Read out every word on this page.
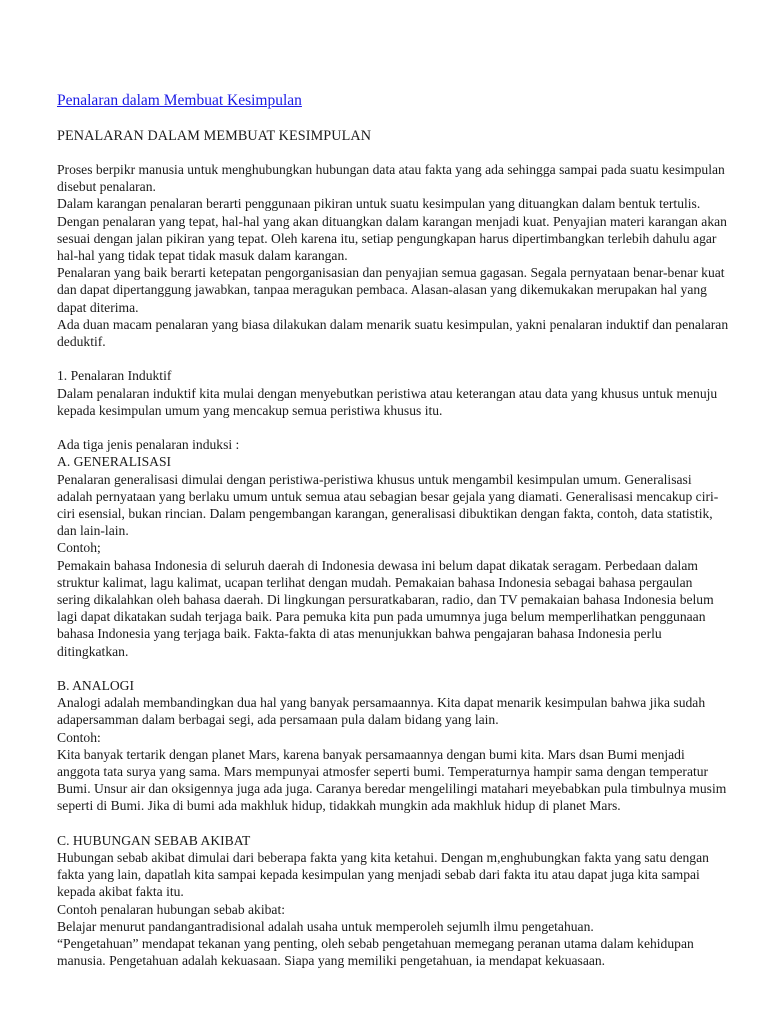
Penalaran dalam Membuat Kesimpulan

PENALARAN DALAM MEMBUAT KESIMPULAN

Proses berpikr manusia untuk menghubungkan hubungan data atau fakta yang ada sehingga sampai pada suatu kesimpulan disebut penalaran.

Dalam karangan penalaran berarti penggunaan pikiran untuk suatu kesimpulan yang dituangkan dalam bentuk tertulis. Dengan penalaran yang tepat, hal-hal yang akan dituangkan dalam karangan menjadi kuat. Penyajian materi karangan akan sesuai dengan jalan pikiran yang tepat. Oleh karena itu, setiap pengungkapan harus dipertimbangkan terlebih dahulu agar hal-hal yang tidak tepat tidak masuk dalam karangan.

Penalaran yang baik berarti ketepatan pengorganisasian dan penyajian semua gagasan. Segala pernyataan benar-benar kuat dan dapat dipertanggung jawabkan, tanpaa meragukan pembaca. Alasan-alasan yang dikemukakan merupakan hal yang dapat diterima.

Ada duan macam penalaran yang biasa dilakukan dalam menarik suatu kesimpulan, yakni penalaran induktif dan penalaran deduktif.

1. Penalaran Induktif

Dalam penalaran induktif kita mulai dengan menyebutkan peristiwa atau keterangan atau data yang khusus untuk menuju kepada kesimpulan umum yang mencakup semua peristiwa khusus itu.

Ada tiga jenis penalaran induksi :

A. GENERALISASI

Penalaran generalisasi dimulai dengan peristiwa-peristiwa khusus untuk mengambil kesimpulan umum. Generalisasi adalah pernyataan yang berlaku umum untuk semua atau sebagian besar gejala yang diamati. Generalisasi mencakup ciri-ciri esensial, bukan rincian. Dalam pengembangan karangan, generalisasi dibuktikan dengan fakta, contoh, data statistik, dan lain-lain.

Contoh;

Pemakain bahasa Indonesia di seluruh daerah di Indonesia dewasa ini belum dapat dikatak seragam. Perbedaan dalam struktur kalimat, lagu kalimat, ucapan terlihat dengan mudah. Pemakaian bahasa Indonesia sebagai bahasa pergaulan sering dikalahkan oleh bahasa daerah. Di lingkungan persuratkabaran, radio, dan TV pemakaian bahasa Indonesia belum lagi dapat dikatakan sudah terjaga baik. Para pemuka kita pun pada umumnya juga belum memperlihatkan penggunaan bahasa Indonesia yang terjaga baik. Fakta-fakta di atas menunjukkan bahwa pengajaran bahasa Indonesia perlu ditingkatkan.

B. ANALOGI

Analogi adalah membandingkan dua hal yang banyak persamaannya. Kita dapat menarik kesimpulan bahwa jika sudah adapersamman dalam berbagai segi, ada persamaan pula dalam bidang yang lain.

Contoh:

Kita banyak tertarik dengan planet Mars, karena banyak persamaannya dengan bumi kita. Mars dsan Bumi menjadi anggota tata surya yang sama. Mars mempunyai atmosfer seperti bumi. Temperaturnya hampir sama dengan temperatur Bumi. Unsur air dan oksigennya juga ada juga. Caranya beredar mengelilingi matahari meyebabkan pula timbulnya musim seperti di Bumi. Jika di bumi ada makhluk hidup, tidakkah mungkin ada makhluk hidup di planet Mars.

C. HUBUNGAN SEBAB AKIBAT

Hubungan sebab akibat dimulai dari beberapa fakta yang kita ketahui. Dengan m,enghubungkan fakta yang satu dengan fakta yang lain, dapatlah kita sampai kepada kesimpulan yang menjadi sebab dari fakta itu atau dapat juga kita sampai kepada akibat fakta itu.

Contoh penalaran hubungan sebab akibat:

Belajar menurut pandangantradisional adalah usaha untuk memperoleh sejumlh ilmu pengetahuan.

“Pengetahuan” mendapat tekanan yang penting, oleh sebab pengetahuan memegang peranan utama dalam kehidupan manusia. Pengetahuan adalah kekuasaan. Siapa yang memiliki pengetahuan, ia mendapat kekuasaan.
